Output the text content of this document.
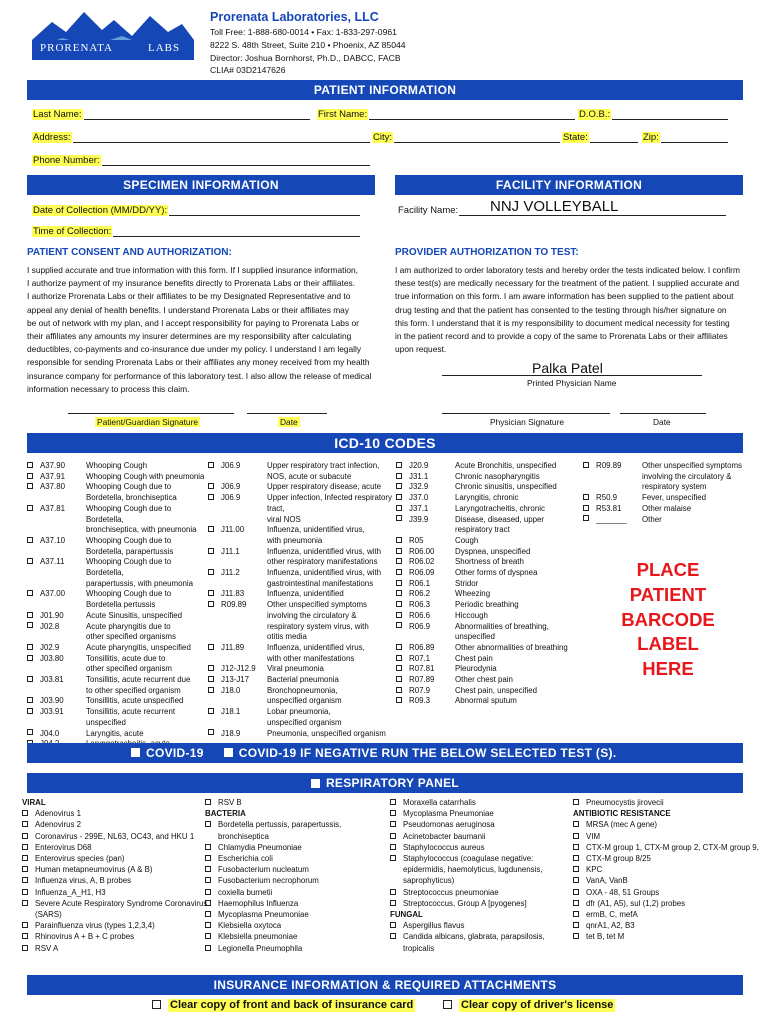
PRORENATA	LABS
Prorenata Laboratories, LLC
Toll Free: 1-888-680-0014 • Fax: 1-833-297-0961
8222 S. 48th Street, Suite 210 • Phoenix, AZ 85044
Director: Joshua Bornhorst, Ph.D., DABCC, FACB
CLIA# 03D2147626
PATIENT INFORMATION
Last Name:	First Name:	D.O.B.:
Address:	City:	State:	Zip:
Phone Number:
SPECIMEN INFORMATION	FACILITY INFORMATION
Date of Collection (MM/DD/YY):
Time of Collection:
Facility Name: NNJ VOLLEYBALL
PATIENT CONSENT AND AUTHORIZATION:
I supplied accurate and true information with this form. If I supplied insurance information,
I authorize payment of my insurance benefits directly to Prorenata Labs or their affiliates.
I authorize Prorenata Labs or their affiliates to be my Designated Representative and to
appeal any denial of health benefits. I understand Prorenata Labs or their affiliates may
be out of network with my plan, and I accept responsibility for paying to Prorenata Labs or
their affiliates any amounts my insurer determines are my responsibility after calculating
deductibles, co-payments and co-insurance due under my policy. I understand I am legally
responsible for sending Prorenata Labs or their affiliates any money received from my health
insurance company for performance of this laboratory test. I also allow the release of medical
information necessary to process this claim.
PROVIDER AUTHORIZATION TO TEST:
I am authorized to order laboratory tests and hereby order the tests indicated below. I confirm
these test(s) are medically necessary for the treatment of the patient. I supplied accurate and
true information on this form. I am aware information has been supplied to the patient about
drug testing and that the patient has consented to the testing through his/her signature on
this form. I understand that it is my responsibility to document medical necessity for testing
in the patient record and to provide a copy of the same to Prorenata Labs or their affiliates
upon request.
Palka Patel
Printed Physician Name
Patient/Guardian Signature	Date	Physician Signature	Date
ICD-10 CODES
A37.90	Whooping Cough
A37.91	Whooping Cough with pneumonia
A37.80	Whooping Cough due to
Bordetella, bronchiseptica
A37.81	Whooping Cough due to Bordetella,
bronchiseptica, with pneumonia
A37.10	Whooping Cough due to
Bordetella, parapertussis
A37.11	Whooping Cough due to Bordetella,
parapertussis, with pneumonia
A37.00	Whooping Cough due to
Bordetella pertussis
J01.90	Acute Sinusitis, unspecified
J02.8	Acute pharyngitis due to
other specified organisms
J02.9	Acute pharyngitis, unspecified
J03.80	Tonsillitis, acute due to
other specified organism
J03.81	Tonsillitis, acute recurrent due
to other specified organism
J03.90	Tonsillitis, acute unspecified
J03.91	Tonsillitis, acute recurrent
unspecified
J04.0	Laryngitis, acute
J06.9	Upper respiratory tract infection,
NOS, acute or subacute
J06.9	Upper respiratory disease, acute
J06.9	Upper infection, Infected respiratory tract,
viral NOS
J11.00	Influenza, unidentified virus,
with pneumonia
J11.1	Influenza, unidentified virus, with
other respiratory manifestations
J11.2	Influenza, unidentified virus, with
gastrointestinal manifestations
J11.83	Influenza, unidentified
R09.89	Other unspecified symptoms
involving the circulatory &
respiratory system virus, with
otitis media
J11.89	Influenza, unidentified virus,
with other manifestations
J12-J12.9	Viral pneumonia
J13-J17	Bacterial pneumonia
J18.0	Bronchopneumonia,
unspecified organism
J18.1	Lobar pneumonia,
unspecified organism
J18.9	Pneumonia, unspecified organism
J20.9	Acute Bronchitis, unspecified
J31.1	Chronic nasopharyngitis
J32.9	Chronic sinusitis, unspecified
J37.0	Laryngitis, chronic
J37.1	Laryngotracheitis, chronic
J39.9	Disease, diseased, upper
respiratory tract
R05	Cough
R06.00	Dyspnea, unspecified
R06.02	Shortness of breath
R06.09	Other forms of dyspnea
R06.1	Stridor
R06.2	Wheezing
R06.3	Periodic breathing
R06.6	Hiccough
R06.9	Abnormalities of breathing,
unspecified
R06.89	Other abnormalities of breathing
R07.1	Chest pain
R07.81	Pleurodynia
R07.89	Other chest pain
R07.9	Chest pain, unspecified
R09.3	Abnormal sputum
R09.89	Other unspecified symptoms
involving the circulatory &
respiratory system
R50.9	Fever, unspecified
R53.81	Other malaise
_______	Other
PLACE
PATIENT
BARCODE
LABEL
HERE
COVID-19	COVID-19 IF NEGATIVE RUN THE BELOW SELECTED TEST (S).
RESPIRATORY PANEL
VIRAL
Adenovirus 1
Adenovirus 2
Coronavirus - 299E, NL63, OC43, and HKU 1
Enterovirus D68
Enterovirus species (pan)
Human metapneumovirus (A & B)
Influenza virus, A, B probes
Influenza_A_H1, H3
Severe Acute Respiratory Syndrome Coronavirus
(SARS)
Parainfluenza virus (types 1,2,3,4)
Rhinovirus A + B + C probes
RSV A
RSV B
BACTERIA
Bordetella pertussis, parapertussis,
bronchiseptica
Chlamydia Pneumoniae
Escherichia coli
Fusobacterium nucleatum
Fusobacterium necrophorum
coxiella burnetii
Haemophilus Influenza
Mycoplasma Pneumoniae
Klebsiella oxytoca
Klebsiella pneumoniae
Legionella Pneumophila
Moraxella catarrhalis
Mycoplasma Pneumoniae
Pseudomonas aeruginosa
Acinetobacter baumanii
Staphylococcus aureus
Staphylococcus (coagulase negative:
epidermidis, haemolyticus, lugdunensis,
saprophyticus)
Streptococcus pneumoniae
Streptococcus, Group A [pyogenes]
FUNGAL
Aspergillus flavus
Candida albicans, glabrata, parapsilosis,
tropicalis
Pneumocystis jirovecii
ANTIBIOTIC RESISTANCE
MRSA (mec A gene)
VIM
CTX-M group 1, CTX-M group 2, CTX-M group 9,
CTX-M group 8/25
KPC
VanA, VanB
OXA - 48, 51 Groups
dfr (A1, A5), sul (1,2) probes
ermB, C, mefA
qnrA1, A2, B3
tet B, tet M
INSURANCE INFORMATION & REQUIRED ATTACHMENTS
Clear copy of front and back of insurance card	Clear copy of driver's license
